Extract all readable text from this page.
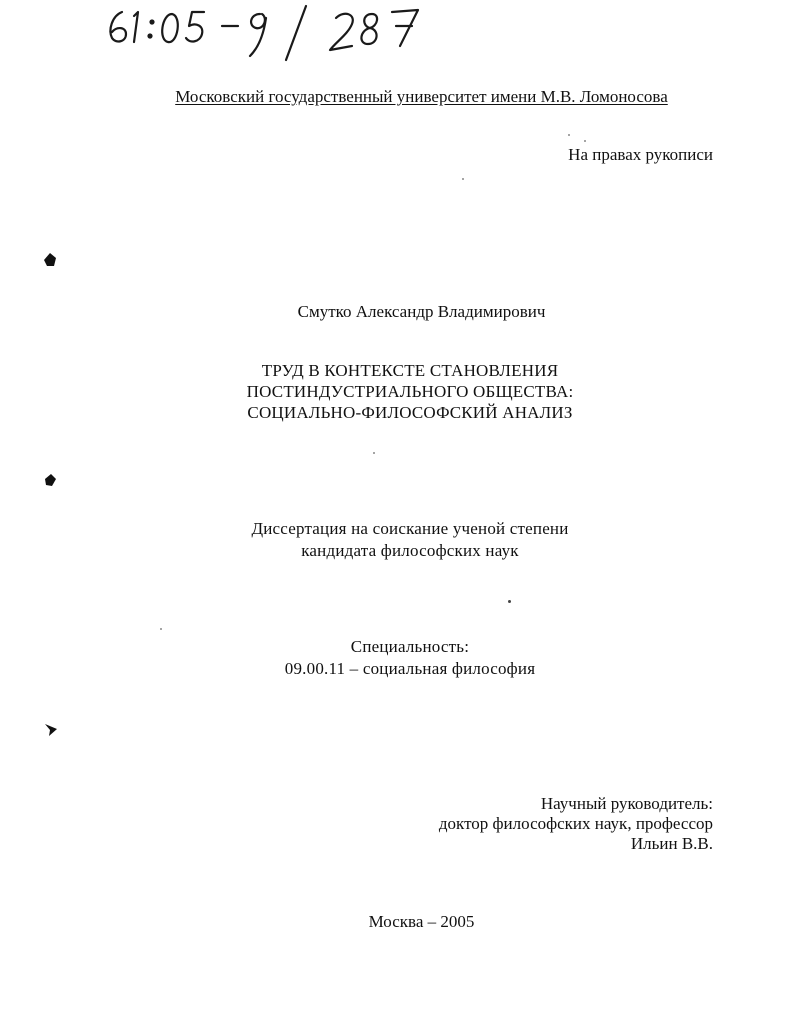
Московский государственный университет имени М.В. Ломоносова
На правах рукописи
Смутко Александр Владимирович
ТРУД В КОНТЕКСТЕ СТАНОВЛЕНИЯ
ПОСТИНДУСТРИАЛЬНОГО ОБЩЕСТВА:
СОЦИАЛЬНО-ФИЛОСОФСКИЙ АНАЛИЗ
Диссертация на соискание ученой степени
кандидата философских наук
Специальность:
09.00.11 – социальная философия
Научный руководитель:
доктор философских наук, профессор
Ильин В.В.
Москва – 2005
